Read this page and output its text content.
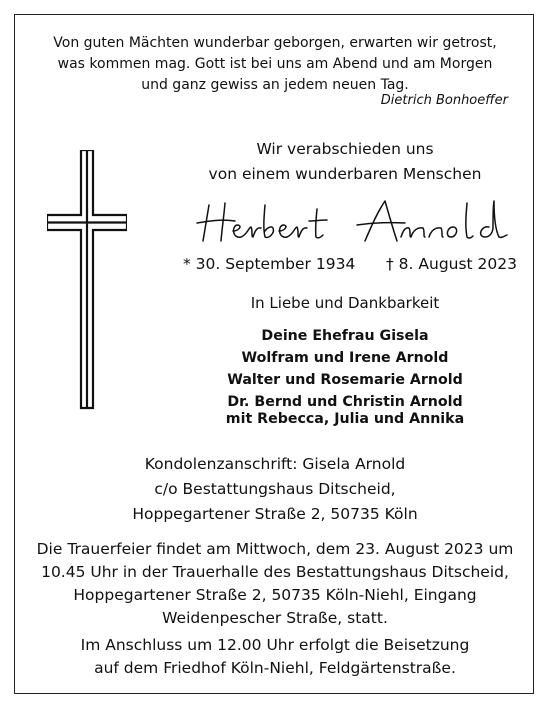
Von guten Mächten wunderbar geborgen, erwarten wir getrost,
was kommen mag. Gott ist bei uns am Abend und am Morgen
und ganz gewiss an jedem neuen Tag.
Dietrich Bonhoeffer
Wir verabschieden uns
von einem wunderbaren Menschen
* 30. September 1934 † 8. August 2023
In Liebe und Dankbarkeit
Deine Ehefrau Gisela
Wolfram und Irene Arnold
Walter und Rosemarie Arnold
Dr. Bernd und Christin Arnold
mit Rebecca, Julia und Annika
Kondolenzanschrift: Gisela Arnold
c/o Bestattungshaus Ditscheid,
Hoppegartener Straße 2, 50735 Köln
Die Trauerfeier findet am Mittwoch, dem 23. August 2023 um
10.45 Uhr in der Trauerhalle des Bestattungshaus Ditscheid,
Hoppegartener Straße 2, 50735 Köln-Niehl, Eingang
Weidenpescher Straße, statt.
Im Anschluss um 12.00 Uhr erfolgt die Beisetzung
auf dem Friedhof Köln-Niehl, Feldgärtenstraße.
